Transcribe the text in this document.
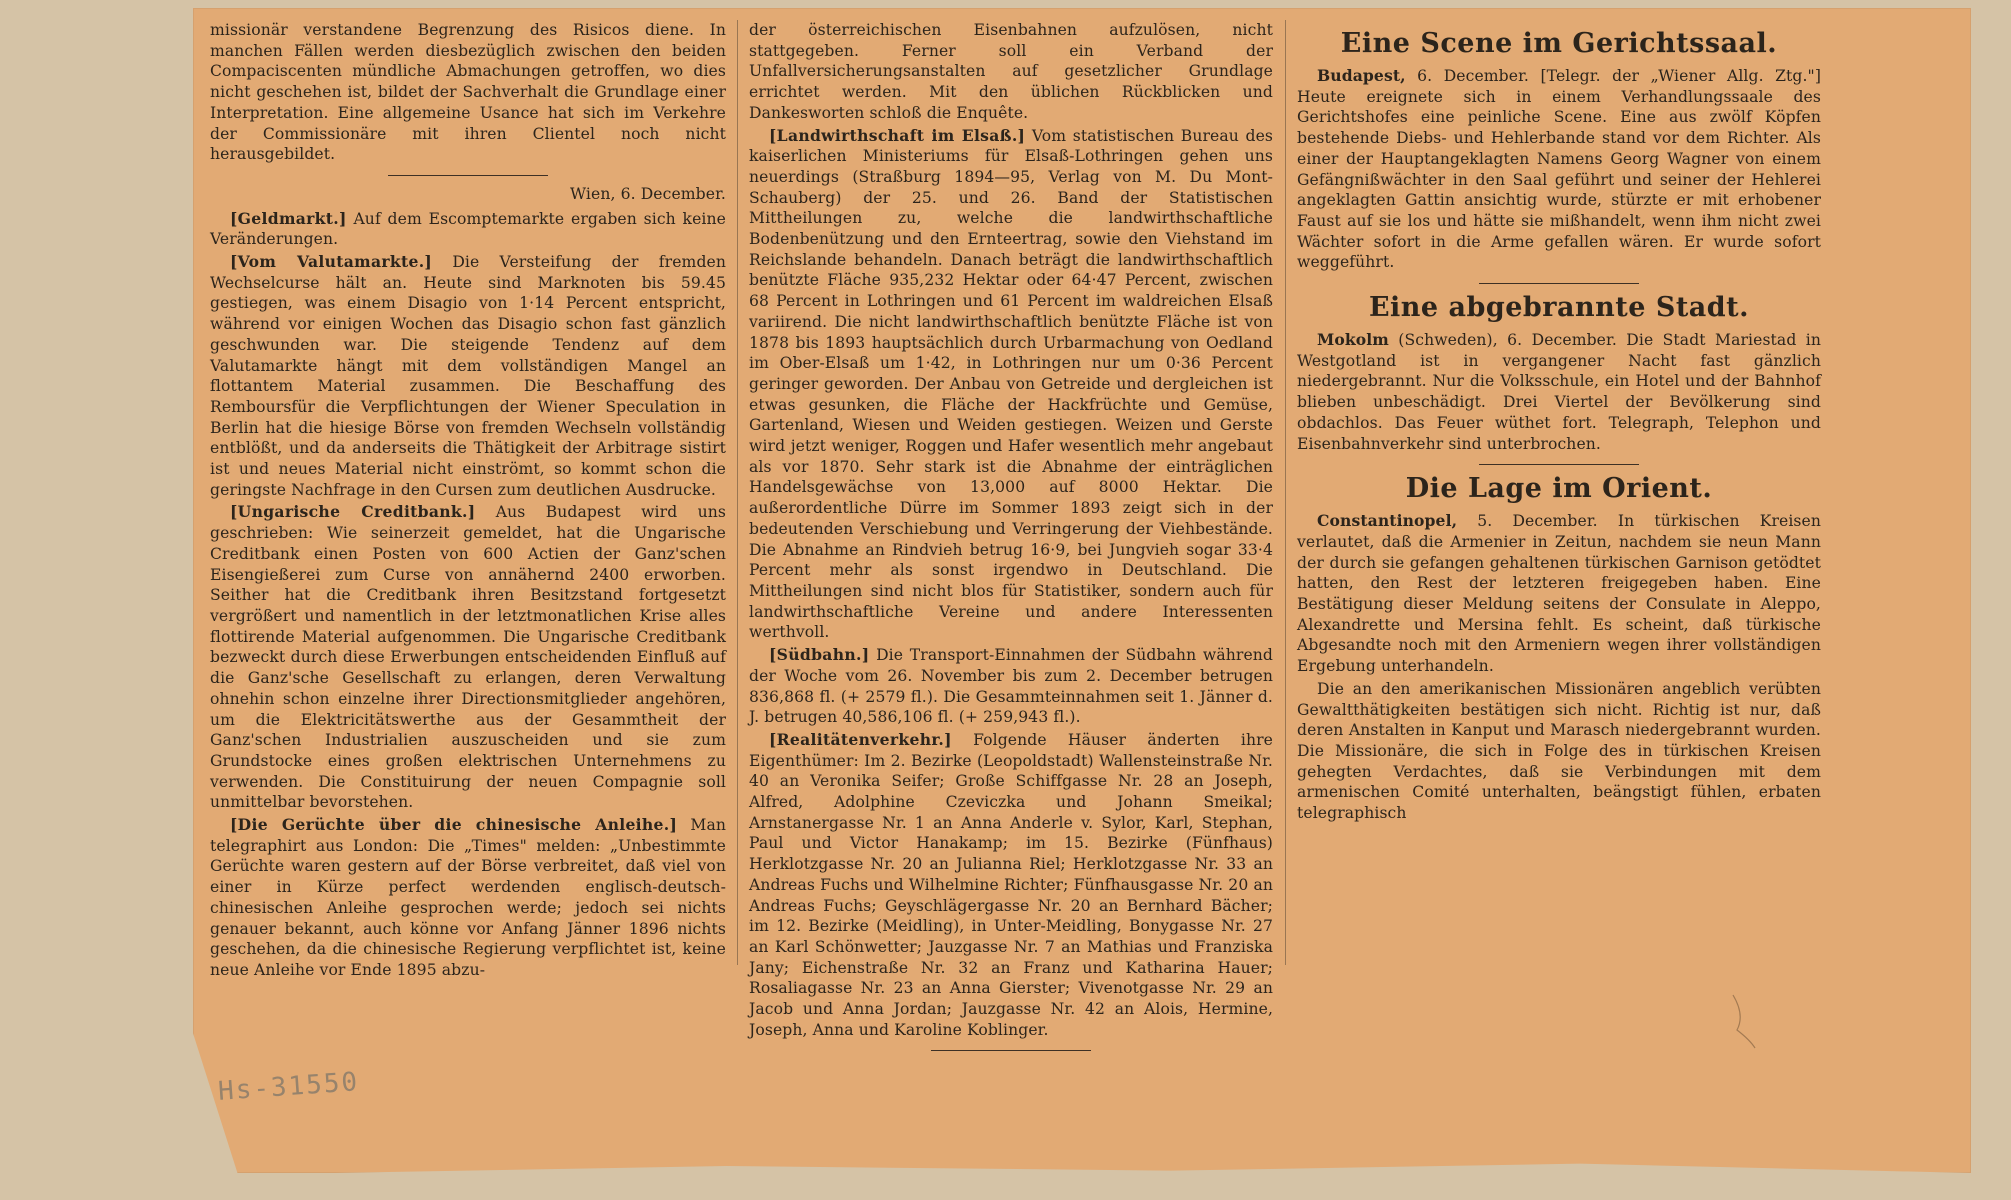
missionär verstandene Begrenzung des Risicos diene. In manchen Fällen werden diesbezüglich zwischen den beiden Compaciscenten mündliche Abmachungen getroffen, wo dies nicht geschehen ist, bildet der Sachverhalt die Grundlage einer Interpretation. Eine allgemeine Usance hat sich im Verkehre der Commissionäre mit ihren Clientel noch nicht herausgebildet.

Wien, 6. December.

[Geldmarkt.] Auf dem Escomptemarkte ergaben sich keine Veränderungen.

[Vom Valutamarkte.] Die Versteifung der fremden Wechselcurse hält an. Heute sind Marknoten bis 59.45 gestiegen, was einem Disagio von 1·14 Percent entspricht, während vor einigen Wochen das Disagio schon fast gänzlich geschwunden war. Die steigende Tendenz auf dem Valutamarkte hängt mit dem vollständigen Mangel an flottantem Material zusammen. Die Beschaffung des Remboursfür die Verpflichtungen der Wiener Speculation in Berlin hat die hiesige Börse von fremden Wechseln vollständig entblößt, und da anderseits die Thätigkeit der Arbitrage sistirt ist und neues Material nicht einströmt, so kommt schon die geringste Nachfrage in den Cursen zum deutlichen Ausdrucke.

[Ungarische Creditbank.] Aus Budapest wird uns geschrieben: Wie seinerzeit gemeldet, hat die Ungarische Creditbank einen Posten von 600 Actien der Ganz'schen Eisengießerei zum Curse von annähernd 2400 erworben. Seither hat die Creditbank ihren Besitzstand fortgesetzt vergrößert und namentlich in der letztmonatlichen Krise alles flottirende Material aufgenommen. Die Ungarische Creditbank bezweckt durch diese Erwerbungen entscheidenden Einfluß auf die Ganz'sche Gesellschaft zu erlangen, deren Verwaltung ohnehin schon einzelne ihrer Directionsmitglieder angehören, um die Elektricitätswerthe aus der Gesammtheit der Ganz'schen Industrialien auszuscheiden und sie zum Grundstocke eines großen elektrischen Unternehmens zu verwenden. Die Constituirung der neuen Compagnie soll unmittelbar bevorstehen.

[Die Gerüchte über die chinesische Anleihe.] Man telegraphirt aus London: Die „Times" melden: „Unbestimmte Gerüchte waren gestern auf der Börse verbreitet, daß viel von einer in Kürze perfect werdenden englisch-deutsch-chinesischen Anleihe gesprochen werde; jedoch sei nichts genauer bekannt, auch könne vor Anfang Jänner 1896 nichts geschehen, da die chinesische Regierung verpflichtet ist, keine neue Anleihe vor Ende 1895 abzu-

der österreichischen Eisenbahnen aufzulösen, nicht stattgegeben. Ferner soll ein Verband der Unfallversicherungsanstalten auf gesetzlicher Grundlage errichtet werden. Mit den üblichen Rückblicken und Dankesworten schloß die Enquête.

[Landwirthschaft im Elsaß.] Vom statistischen Bureau des kaiserlichen Ministeriums für Elsaß-Lothringen gehen uns neuerdings (Straßburg 1894—95, Verlag von M. Du Mont-Schauberg) der 25. und 26. Band der Statistischen Mittheilungen zu, welche die landwirthschaftliche Bodenbenützung und den Ernteertrag, sowie den Viehstand im Reichslande behandeln. Danach beträgt die landwirthschaftlich benützte Fläche 935,232 Hektar oder 64·47 Percent, zwischen 68 Percent in Lothringen und 61 Percent im waldreichen Elsaß variirend. Die nicht landwirthschaftlich benützte Fläche ist von 1878 bis 1893 hauptsächlich durch Urbarmachung von Oedland im Ober-Elsaß um 1·42, in Lothringen nur um 0·36 Percent geringer geworden. Der Anbau von Getreide und dergleichen ist etwas gesunken, die Fläche der Hackfrüchte und Gemüse, Gartenland, Wiesen und Weiden gestiegen. Weizen und Gerste wird jetzt weniger, Roggen und Hafer wesentlich mehr angebaut als vor 1870. Sehr stark ist die Abnahme der einträglichen Handelsgewächse von 13,000 auf 8000 Hektar. Die außerordentliche Dürre im Sommer 1893 zeigt sich in der bedeutenden Verschiebung und Verringerung der Viehbestände. Die Abnahme an Rindvieh betrug 16·9, bei Jungvieh sogar 33·4 Percent mehr als sonst irgendwo in Deutschland. Die Mittheilungen sind nicht blos für Statistiker, sondern auch für landwirthschaftliche Vereine und andere Interessenten werthvoll.

[Südbahn.] Die Transport-Einnahmen der Südbahn während der Woche vom 26. November bis zum 2. December betrugen 836,868 fl. (+ 2579 fl.). Die Gesammteinnahmen seit 1. Jänner d. J. betrugen 40,586,106 fl. (+ 259,943 fl.).

[Realitätenverkehr.] Folgende Häuser änderten ihre Eigenthümer: Im 2. Bezirke (Leopoldstadt) Wallensteinstraße Nr. 40 an Veronika Seifer; Große Schiffgasse Nr. 28 an Joseph, Alfred, Adolphine Czeviczka und Johann Smeikal; Arnstanergasse Nr. 1 an Anna Anderle v. Sylor, Karl, Stephan, Paul und Victor Hanakamp; im 15. Bezirke (Fünfhaus) Herklotzgasse Nr. 20 an Julianna Riel; Herklotzgasse Nr. 33 an Andreas Fuchs und Wilhelmine Richter; Fünfhausgasse Nr. 20 an Andreas Fuchs; Geyschlägergasse Nr. 20 an Bernhard Bächer; im 12. Bezirke (Meidling), in Unter-Meidling, Bonygasse Nr. 27 an Karl Schönwetter; Jauzgasse Nr. 7 an Mathias und Franziska Jany; Eichenstraße Nr. 32 an Franz und Katharina Hauer; Rosaliagasse Nr. 23 an Anna Gierster; Vivenotgasse Nr. 29 an Jacob und Anna Jordan; Jauzgasse Nr. 42 an Alois, Hermine, Joseph, Anna und Karoline Koblinger.

Eine Scene im Gerichtssaal.

Budapest, 6. December. [Telegr. der „Wiener Allg. Ztg."] Heute ereignete sich in einem Verhandlungssaale des Gerichtshofes eine peinliche Scene. Eine aus zwölf Köpfen bestehende Diebs- und Hehlerbande stand vor dem Richter. Als einer der Hauptangeklagten Namens Georg Wagner von einem Gefängnißwächter in den Saal geführt und seiner der Hehlerei angeklagten Gattin ansichtig wurde, stürzte er mit erhobener Faust auf sie los und hätte sie mißhandelt, wenn ihm nicht zwei Wächter sofort in die Arme gefallen wären. Er wurde sofort weggeführt.

Eine abgebrannte Stadt.

Mokolm (Schweden), 6. December. Die Stadt Mariestad in Westgotland ist in vergangener Nacht fast gänzlich niedergebrannt. Nur die Volksschule, ein Hotel und der Bahnhof blieben unbeschädigt. Drei Viertel der Bevölkerung sind obdachlos. Das Feuer wüthet fort. Telegraph, Telephon und Eisenbahnverkehr sind unterbrochen.

Die Lage im Orient.

Constantinopel, 5. December. In türkischen Kreisen verlautet, daß die Armenier in Zeitun, nachdem sie neun Mann der durch sie gefangen gehaltenen türkischen Garnison getödtet hatten, den Rest der letzteren freigegeben haben. Eine Bestätigung dieser Meldung seitens der Consulate in Aleppo, Alexandrette und Mersina fehlt. Es scheint, daß türkische Abgesandte noch mit den Armeniern wegen ihrer vollständigen Ergebung unterhandeln.

Die an den amerikanischen Missionären angeblich verübten Gewaltthätigkeiten bestätigen sich nicht. Richtig ist nur, daß deren Anstalten in Kanput und Marasch niedergebrannt wurden. Die Missionäre, die sich in Folge des in türkischen Kreisen gehegten Verdachtes, daß sie Verbindungen mit dem armenischen Comité unterhalten, beängstigt fühlen, erbaten telegraphisch

Hs-31550
